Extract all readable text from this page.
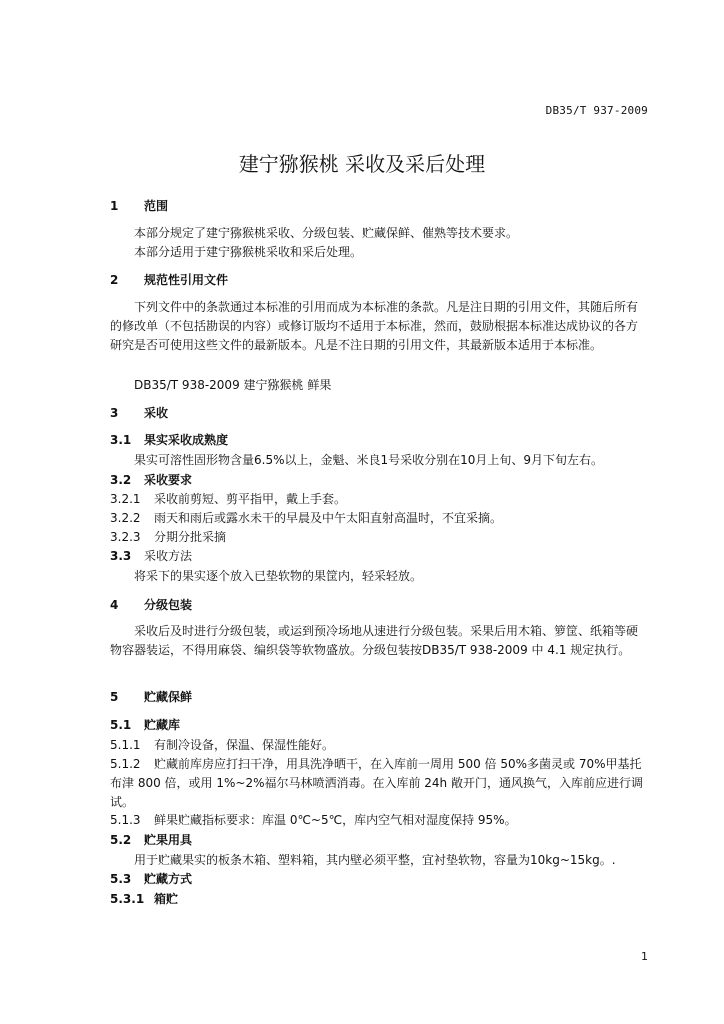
DB35/T 937-2009
建宁猕猴桃 采收及采后处理
1 范围
本部分规定了建宁猕猴桃采收、分级包装、贮藏保鲜、催熟等技术要求。
本部分适用于建宁猕猴桃采收和采后处理。
2 规范性引用文件
下列文件中的条款通过本标准的引用而成为本标准的条款。凡是注日期的引用文件，其随后所有的修改单（不包括勘误的内容）或修订版均不适用于本标准，然而，鼓励根据本标准达成协议的各方研究是否可使用这些文件的最新版本。凡是不注日期的引用文件，其最新版本适用于本标准。
DB35/T 938-2009 建宁猕猴桃 鲜果
3 采收
3.1 果实采收成熟度
果实可溶性固形物含量6.5%以上，金魁、米良1号采收分别在10月上旬、9月下旬左右。
3.2 采收要求
3.2.1 采收前剪短、剪平指甲，戴上手套。
3.2.2 雨天和雨后或露水未干的早晨及中午太阳直射高温时，不宜采摘。
3.2.3 分期分批采摘
3.3 采收方法
将采下的果实逐个放入已垫软物的果筐内，轻采轻放。
4 分级包装
采收后及时进行分级包装，或运到预冷场地从速进行分级包装。采果后用木箱、箩筐、纸箱等硬物容器装运，不得用麻袋、编织袋等软物盛放。分级包装按DB35/T 938-2009 中 4.1 规定执行。
5 贮藏保鲜
5.1 贮藏库
5.1.1 有制冷设备，保温、保湿性能好。
5.1.2 贮藏前库房应打扫干净，用具洗净晒干，在入库前一周用 500 倍 50%多菌灵或 70%甲基托布津 800 倍，或用 1%~2%福尔马林喷洒消毒。在入库前 24h 敞开门，通风换气，入库前应进行调试。
5.1.3 鲜果贮藏指标要求：库温 0℃~5℃，库内空气相对湿度保持 95%。
5.2 贮果用具
用于贮藏果实的板条木箱、塑料箱，其内壁必须平整，宜衬垫软物，容量为10kg~15kg。.
5.3 贮藏方式
5.3.1 箱贮
1
